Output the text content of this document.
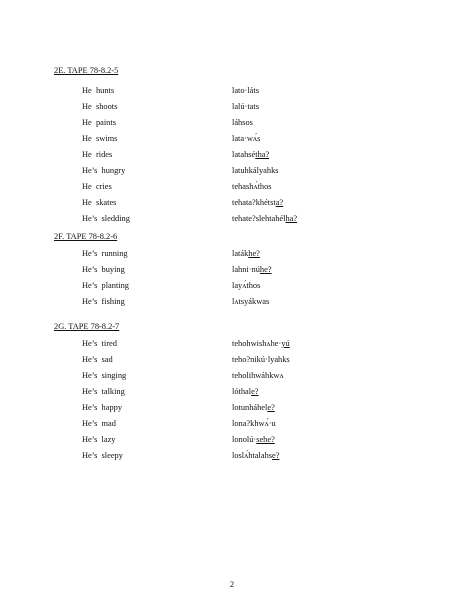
2E. TAPE 78-8.2-5
He  hunts	lato·láts
He  shoots	lalú·tats
He  paints	láhsos
He  swims	lata·wʌ́s
He  rides	latahsétha?
He’s  hungry	latuhkályahks
He  cries	tehashʌ́thos
He  skates	tehata?khétsta?
He’s  sledding	tehate?slehtahélha?
2F. TAPE 78-8.2-6
He’s  running	latákhe?
He’s  buying	lahni·núhe?
He’s  planting	layʌ́thos
He’s  fishing	lʌtsyákwas
2G. TAPE 78-8.2-7
He’s  tired	tehohwishʌhe·yú
He’s  sad	teho?nikú·lyahks
He’s  singing	teholihwáhkwʌ
He’s  talking	lóthale?
He’s  happy	lotunháhele?
He’s  mad	lona?khwʌ́·u
He’s  lazy	lonolú·sehe?
He’s  sleepy	loslʌ́htalahse?
2
